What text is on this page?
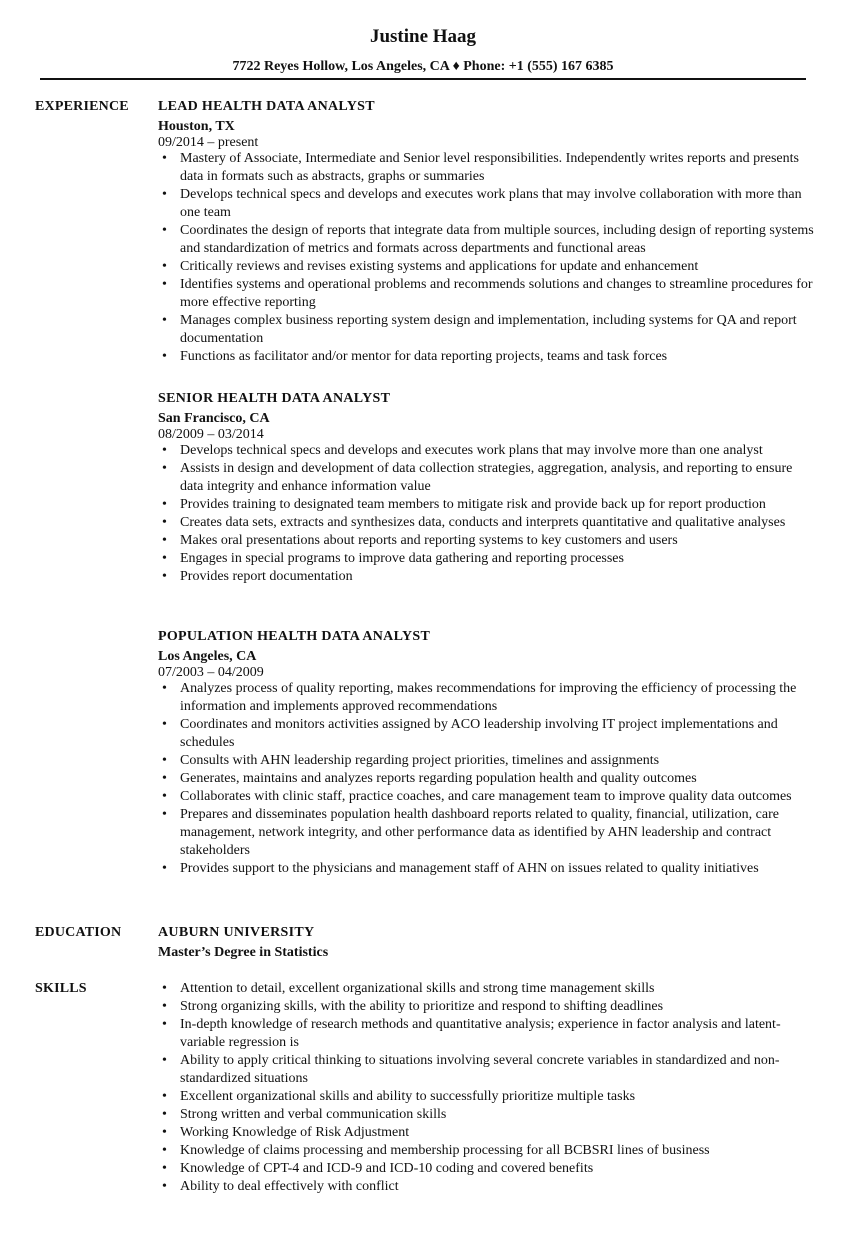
Justine Haag
7722 Reyes Hollow, Los Angeles, CA ♦ Phone: +1 (555) 167 6385
EXPERIENCE LEAD HEALTH DATA ANALYST

Houston, TX

09/2014 – present

• Mastery of Associate, Intermediate and Senior level responsibilities. Independently writes reports and presents data in formats such as abstracts, graphs or summaries
• Develops technical specs and develops and executes work plans that may involve collaboration with more than one team
• Coordinates the design of reports that integrate data from multiple sources, including design of reporting systems and standardization of metrics and formats across departments and functional areas
• Critically reviews and revises existing systems and applications for update and enhancement
• Identifies systems and operational problems and recommends solutions and changes to streamline procedures for more effective reporting
• Manages complex business reporting system design and implementation, including systems for QA and report documentation
• Functions as facilitator and/or mentor for data reporting projects, teams and task forces

SENIOR HEALTH DATA ANALYST

San Francisco, CA

08/2009 – 03/2014

• Develops technical specs and develops and executes work plans that may involve more than one analyst
• Assists in design and development of data collection strategies, aggregation, analysis, and reporting to ensure data integrity and enhance information value
• Provides training to designated team members to mitigate risk and provide back up for report production
• Creates data sets, extracts and synthesizes data, conducts and interprets quantitative and qualitative analyses
• Makes oral presentations about reports and reporting systems to key customers and users
• Engages in special programs to improve data gathering and reporting processes
• Provides report documentation

POPULATION HEALTH DATA ANALYST

Los Angeles, CA

07/2003 – 04/2009

• Analyzes process of quality reporting, makes recommendations for improving the efficiency of processing the information and implements approved recommendations
• Coordinates and monitors activities assigned by ACO leadership involving IT project implementations and schedules
• Consults with AHN leadership regarding project priorities, timelines and assignments
• Generates, maintains and analyzes reports regarding population health and quality outcomes
• Collaborates with clinic staff, practice coaches, and care management team to improve quality data outcomes
• Prepares and disseminates population health dashboard reports related to quality, financial, utilization, care management, network integrity, and other performance data as identified by AHN leadership and contract stakeholders
• Provides support to the physicians and management staff of AHN on issues related to quality initiatives
EDUCATION	AUBURN UNIVERSITY

Master’s Degree in Statistics

SKILLS	• Attention to detail, excellent organizational skills and strong time management skills
• Strong organizing skills, with the ability to prioritize and respond to shifting deadlines
• In-depth knowledge of research methods and quantitative analysis; experience in factor analysis and latent-variable regression is
• Ability to apply critical thinking to situations involving several concrete variables in standardized and non-standardized situations
• Excellent organizational skills and ability to successfully prioritize multiple tasks
• Strong written and verbal communication skills
• Working Knowledge of Risk Adjustment
• Knowledge of claims processing and membership processing for all BCBSRI lines of business
• Knowledge of CPT-4 and ICD-9 and ICD-10 coding and covered benefits
• Ability to deal effectively with conflict
